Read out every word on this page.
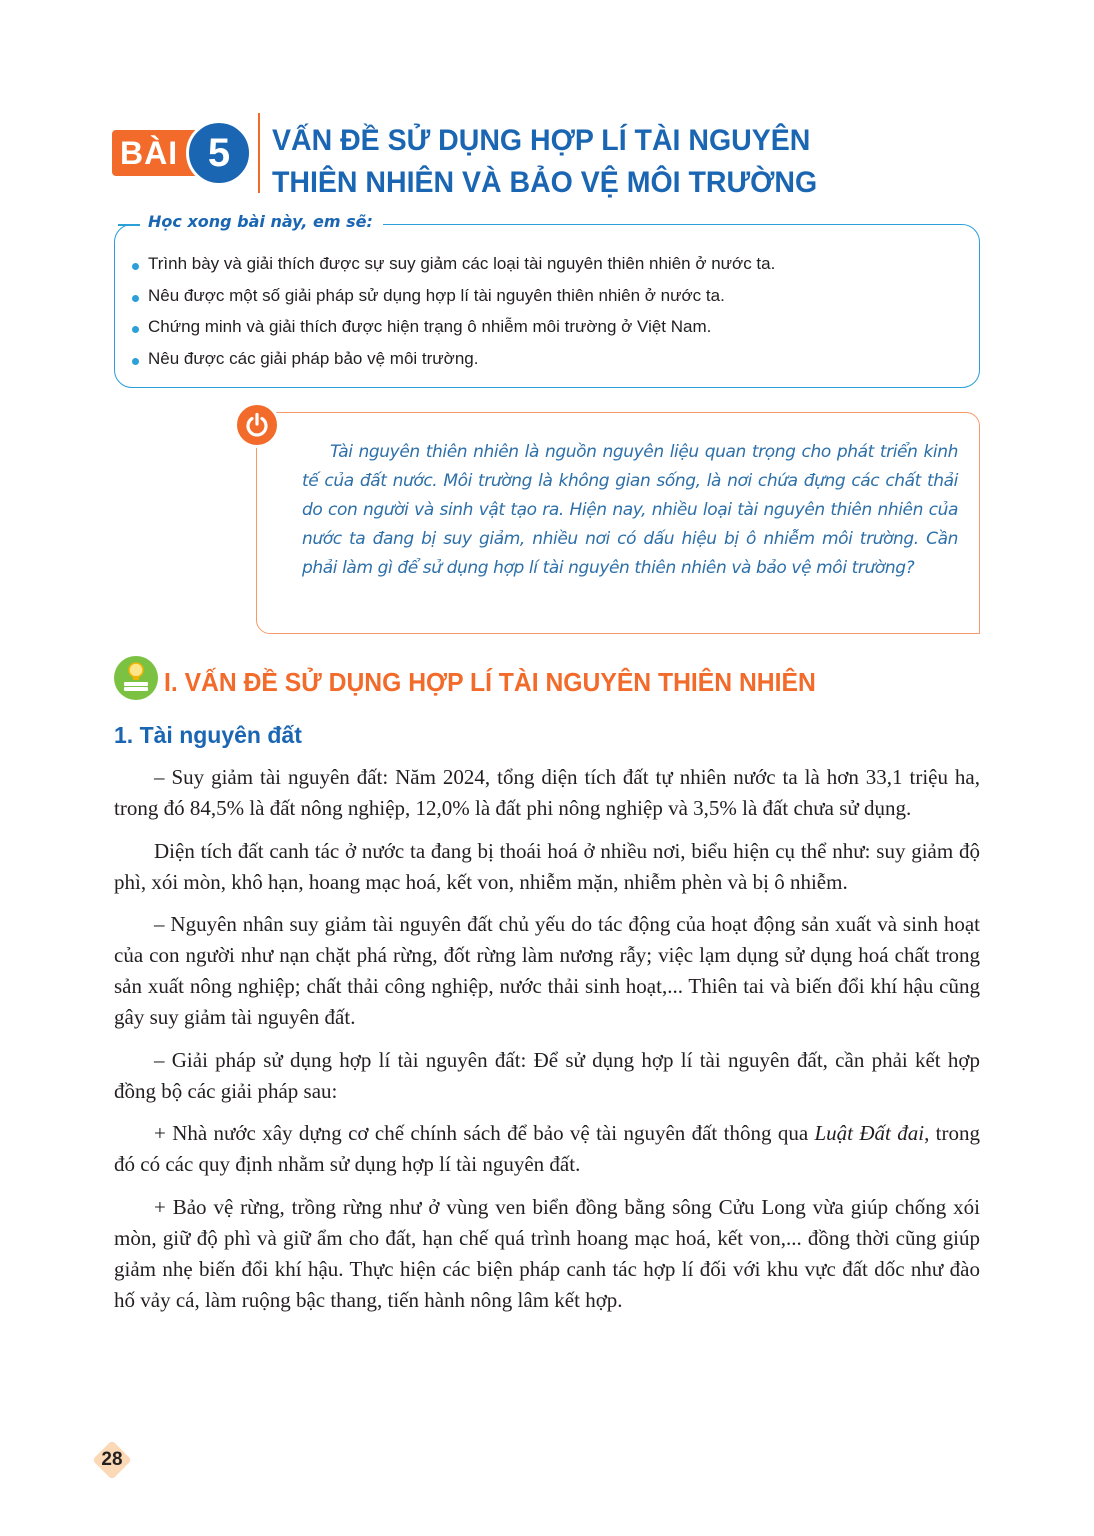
BÀI 5	VẤN ĐỀ SỬ DỤNG HỢP LÍ TÀI NGUYÊN
THIÊN NHIÊN VÀ BẢO VỆ MÔI TRƯỜNG
Học xong bài này, em sẽ:
Trình bày và giải thích được sự suy giảm các loại tài nguyên thiên nhiên ở nước ta.
Nêu được một số giải pháp sử dụng hợp lí tài nguyên thiên nhiên ở nước ta.
Chứng minh và giải thích được hiện trạng ô nhiễm môi trường ở Việt Nam.
Nêu được các giải pháp bảo vệ môi trường.
Tài nguyên thiên nhiên là nguồn nguyên liệu quan trọng cho phát triển kinh tế của đất nước. Môi trường là không gian sống, là nơi chứa đựng các chất thải do con người và sinh vật tạo ra. Hiện nay, nhiều loại tài nguyên thiên nhiên của nước ta đang bị suy giảm, nhiều nơi có dấu hiệu bị ô nhiễm môi trường. Cần phải làm gì để sử dụng hợp lí tài nguyên thiên nhiên và bảo vệ môi trường?
I. VẤN ĐỀ SỬ DỤNG HỢP LÍ TÀI NGUYÊN THIÊN NHIÊN
1. Tài nguyên đất

– Suy giảm tài nguyên đất: Năm 2024, tổng diện tích đất tự nhiên nước ta là hơn 33,1 triệu ha, trong đó 84,5% là đất nông nghiệp, 12,0% là đất phi nông nghiệp và 3,5% là đất chưa sử dụng.

Diện tích đất canh tác ở nước ta đang bị thoái hoá ở nhiều nơi, biểu hiện cụ thể như: suy giảm độ phì, xói mòn, khô hạn, hoang mạc hoá, kết von, nhiễm mặn, nhiễm phèn và bị ô nhiễm.

– Nguyên nhân suy giảm tài nguyên đất chủ yếu do tác động của hoạt động sản xuất và sinh hoạt của con người như nạn chặt phá rừng, đốt rừng làm nương rẫy; việc lạm dụng sử dụng hoá chất trong sản xuất nông nghiệp; chất thải công nghiệp, nước thải sinh hoạt,... Thiên tai và biến đổi khí hậu cũng gây suy giảm tài nguyên đất.

– Giải pháp sử dụng hợp lí tài nguyên đất: Để sử dụng hợp lí tài nguyên đất, cần phải kết hợp đồng bộ các giải pháp sau:

+ Nhà nước xây dựng cơ chế chính sách để bảo vệ tài nguyên đất thông qua Luật Đất đai, trong đó có các quy định nhằm sử dụng hợp lí tài nguyên đất.

+ Bảo vệ rừng, trồng rừng như ở vùng ven biển đồng bằng sông Cửu Long vừa giúp chống xói mòn, giữ độ phì và giữ ẩm cho đất, hạn chế quá trình hoang mạc hoá, kết von,... đồng thời cũng giúp giảm nhẹ biến đổi khí hậu. Thực hiện các biện pháp canh tác hợp lí đối với khu vực đất dốc như đào hố vảy cá, làm ruộng bậc thang, tiến hành nông lâm kết hợp.

28
